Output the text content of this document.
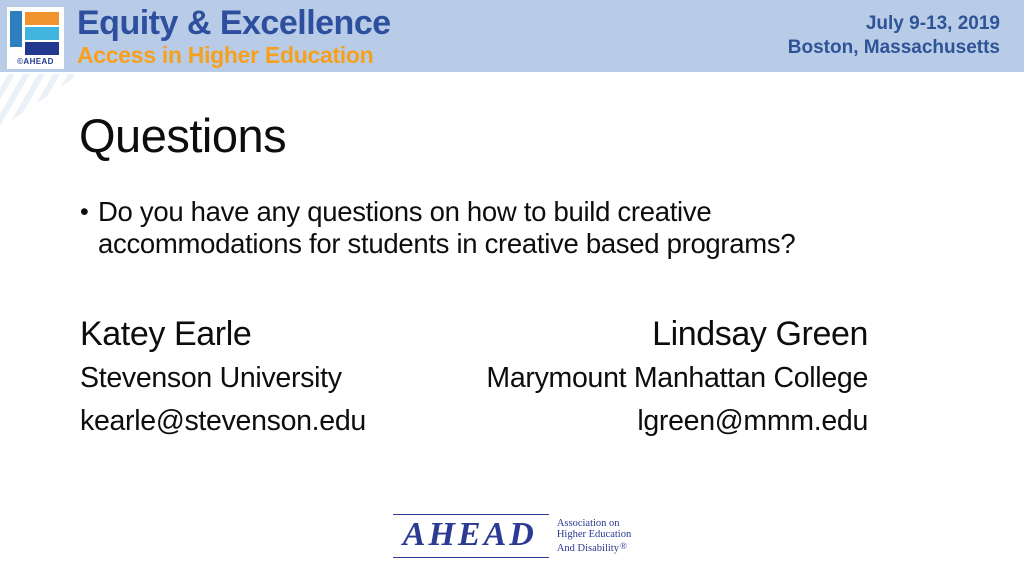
©AHEAD
Equity & Excellence
Access in Higher Education
July 9-13, 2019
Boston, Massachusetts
Questions
• Do you have any questions on how to build creative accommodations for students in creative based programs?
Katey Earle
Stevenson University
kearle@stevenson.edu
Lindsay Green
Marymount Manhattan College
lgreen@mmm.edu
AHEAD	Association on
Higher Education
And Disability®
